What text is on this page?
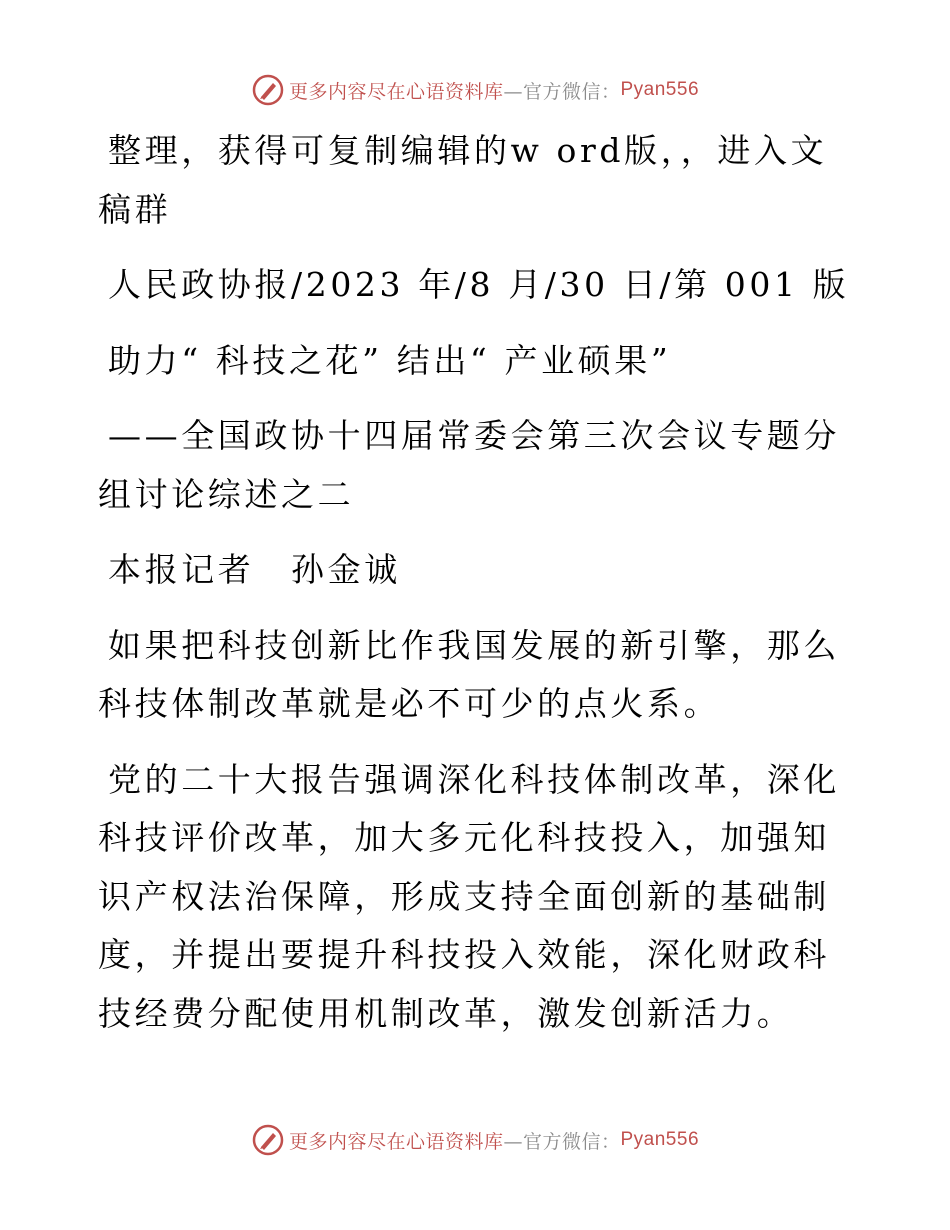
更多内容尽在心语资料库 —官方微信： Pyan556

整理，获得可复制编辑的w ord版，，进入文稿群

人民政协报/2023 年/8 月/30 日/第 001 版

助力“ 科技之花” 结出“ 产业硕果”

——全国政协十四届常委会第三次会议专题分组讨论综述之二

本报记者　孙金诚

如果把科技创新比作我国发展的新引擎，那么科技体制改革就是必不可少的点火系。

党的二十大报告强调深化科技体制改革，深化科技评价改革，加大多元化科技投入，加强知识产权法治保障，形成支持全面创新的基础制度，并提出要提升科技投入效能，深化财政科技经费分配使用机制改革，激发创新活力。

更多内容尽在心语资料库 —官方微信： Pyan556
